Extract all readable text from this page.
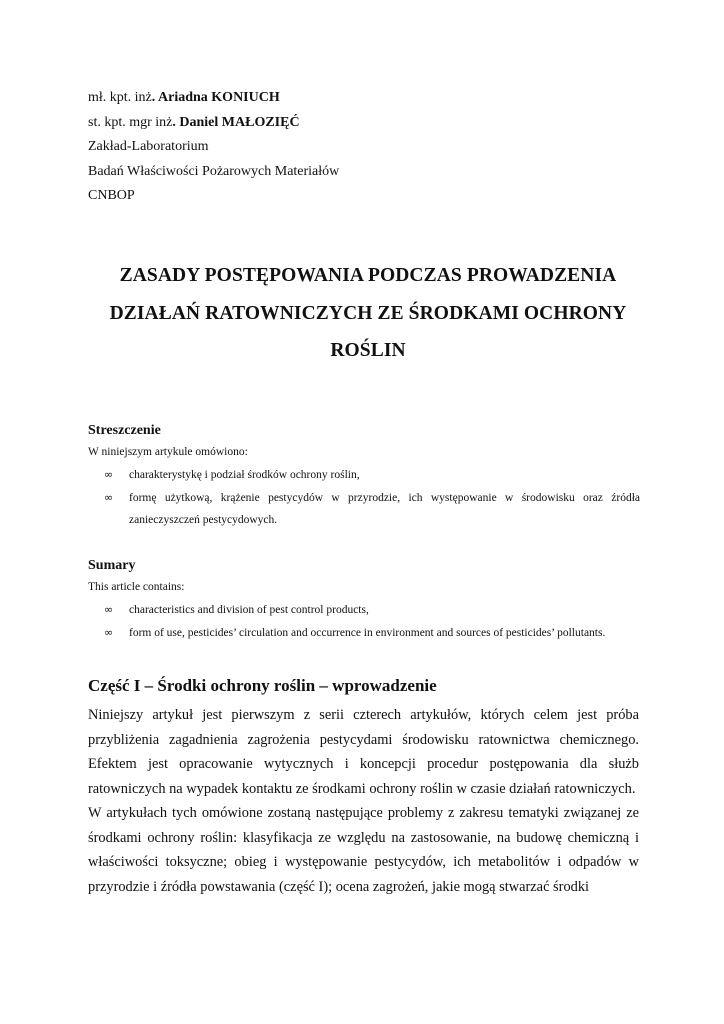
mł. kpt. inż. Ariadna KONIUCH
st. kpt. mgr inż. Daniel MAŁOZIĘĆ
Zakład-Laboratorium
Badań Właściwości Pożarowych Materiałów
CNBOP
ZASADY POSTĘPOWANIA PODCZAS PROWADZENIA
DZIAŁAŃ RATOWNICZYCH ZE ŚRODKAMI OCHRONY
ROŚLIN
Streszczenie
W niniejszym artykule omówiono:
∞ charakterystykę i podział środków ochrony roślin,
∞ formę użytkową, krążenie pestycydów w przyrodzie, ich występowanie w środowisku oraz źródła zanieczyszczeń pestycydowych.
Sumary
This article contains:
∞ characteristics and division of pest control products,
∞ form of use, pesticides’ circulation and occurrence in environment and sources of pesticides’ pollutants.
Część I – Środki ochrony roślin – wprowadzenie

Niniejszy artykuł jest pierwszym z serii czterech artykułów, których celem jest próba przybliżenia zagadnienia zagrożenia pestycydami środowisku ratownictwa chemicznego. Efektem jest opracowanie wytycznych i koncepcji procedur postępowania dla służb ratowniczych na wypadek kontaktu ze środkami ochrony roślin w czasie działań ratowniczych.

W artykułach tych omówione zostaną następujące problemy z zakresu tematyki związanej ze środkami ochrony roślin: klasyfikacja ze względu na zastosowanie, na budowę chemiczną i właściwości toksyczne; obieg i występowanie pestycydów, ich metabolitów i odpadów w przyrodzie i źródła powstawania (część I); ocena zagrożeń, jakie mogą stwarzać środki
